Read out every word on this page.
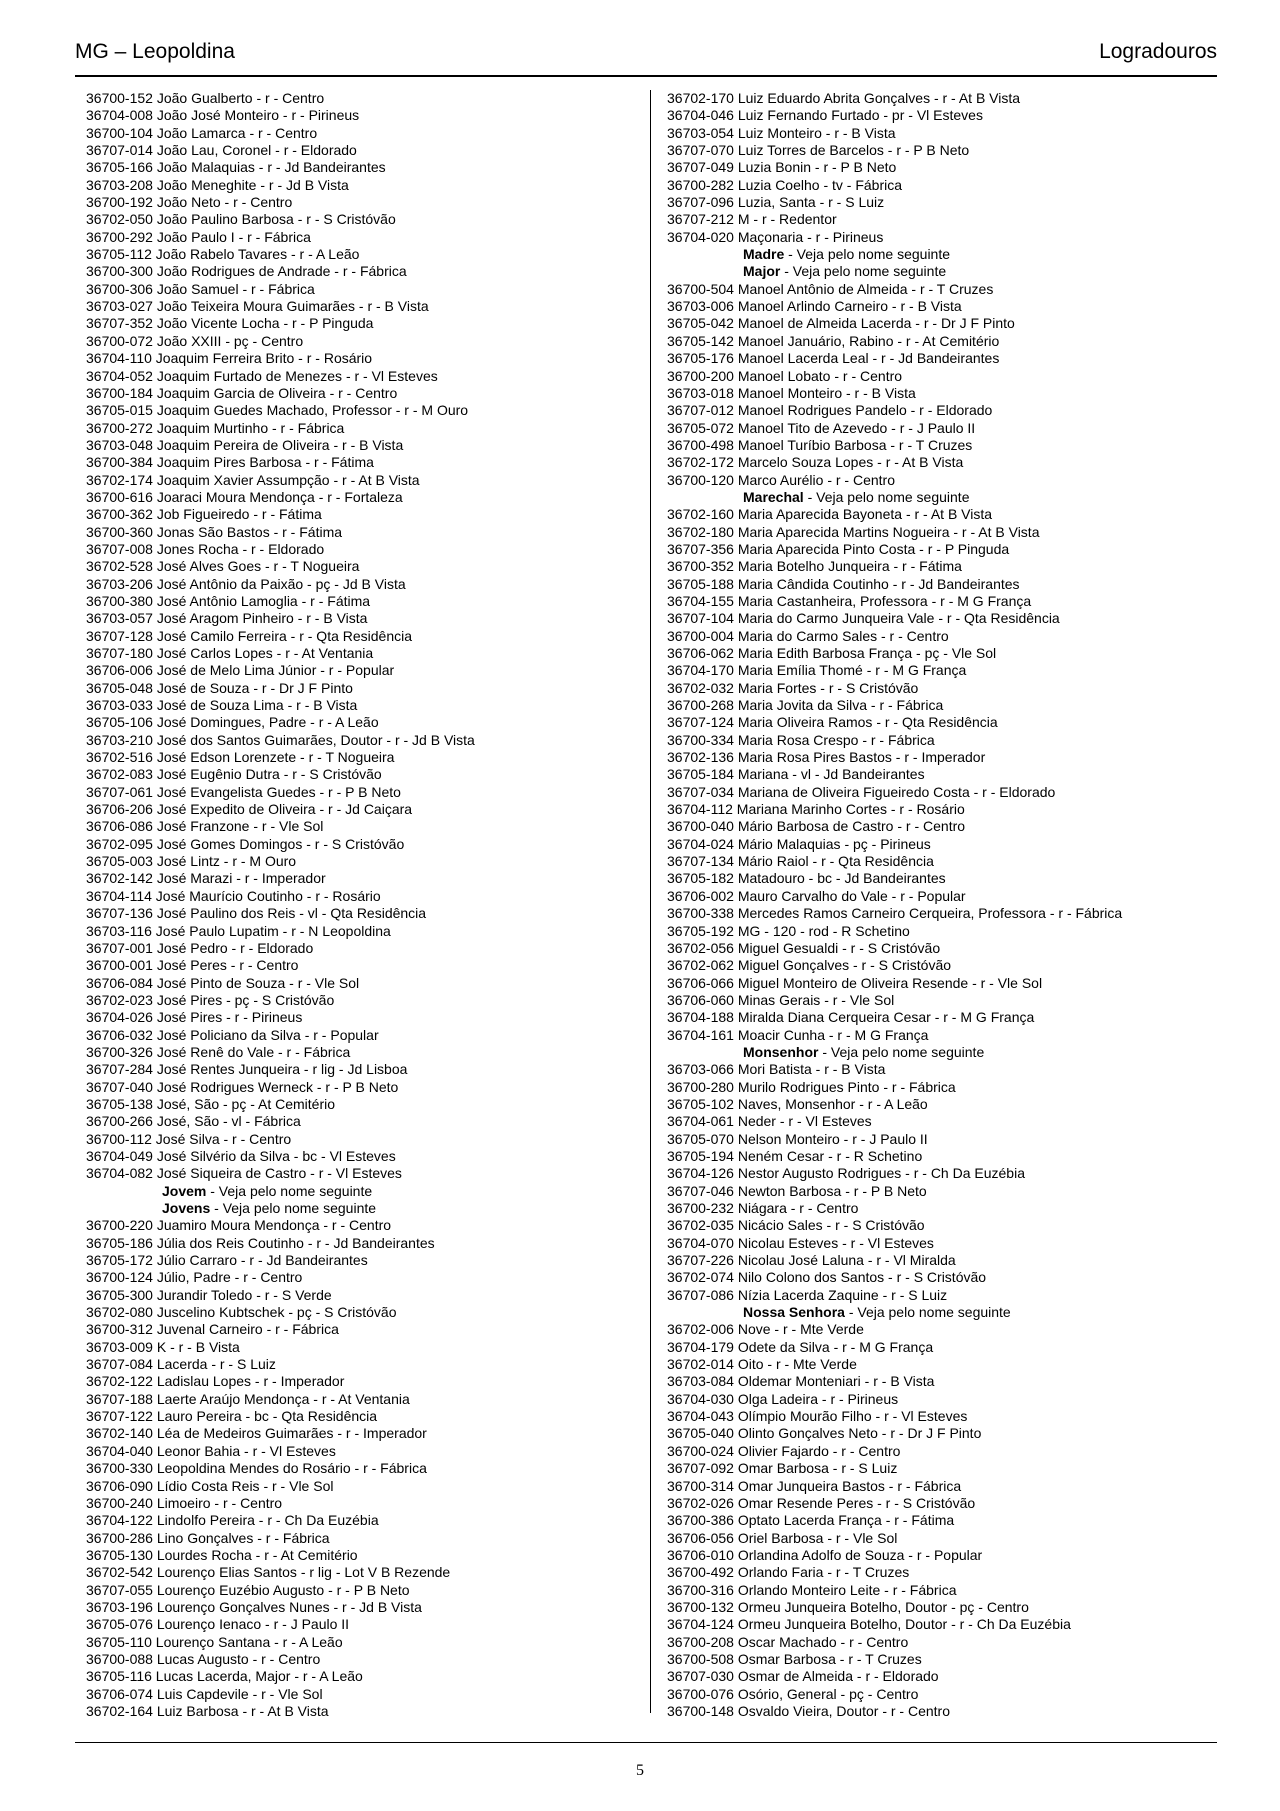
MG – Leopoldina	Logradouros
36700-152 João Gualberto - r - Centro
36704-008 João José Monteiro - r - Pirineus
36700-104 João Lamarca - r - Centro
36707-014 João Lau, Coronel - r - Eldorado
36705-166 João Malaquias - r - Jd Bandeirantes
36703-208 João Meneghite - r - Jd B Vista
36700-192 João Neto - r - Centro
36702-050 João Paulino Barbosa - r - S Cristóvão
36700-292 João Paulo I - r - Fábrica
36705-112 João Rabelo Tavares - r - A Leão
36700-300 João Rodrigues de Andrade - r - Fábrica
36700-306 João Samuel - r - Fábrica
36703-027 João Teixeira Moura Guimarães - r - B Vista
36707-352 João Vicente Locha - r - P Pinguda
36700-072 João XXIII - pç - Centro
36704-110 Joaquim Ferreira Brito - r - Rosário
36704-052 Joaquim Furtado de Menezes - r - Vl Esteves
36700-184 Joaquim Garcia de Oliveira - r - Centro
36705-015 Joaquim Guedes Machado, Professor - r - M Ouro
36700-272 Joaquim Murtinho - r - Fábrica
36703-048 Joaquim Pereira de Oliveira - r - B Vista
36700-384 Joaquim Pires Barbosa - r - Fátima
36702-174 Joaquim Xavier Assumpção - r - At B Vista
36700-616 Joaraci Moura Mendonça - r - Fortaleza
36700-362 Job Figueiredo - r - Fátima
36700-360 Jonas São Bastos - r - Fátima
36707-008 Jones Rocha - r - Eldorado
36702-528 José Alves Goes - r - T Nogueira
36703-206 José Antônio da Paixão - pç - Jd B Vista
36700-380 José Antônio Lamoglia - r - Fátima
36703-057 José Aragom Pinheiro - r - B Vista
36707-128 José Camilo Ferreira - r - Qta Residência
36707-180 José Carlos Lopes - r - At Ventania
36706-006 José de Melo Lima Júnior - r - Popular
36705-048 José de Souza - r - Dr J F Pinto
36703-033 José de Souza Lima - r - B Vista
36705-106 José Domingues, Padre - r - A Leão
36703-210 José dos Santos Guimarães, Doutor - r - Jd B Vista
36702-516 José Edson Lorenzete - r - T Nogueira
36702-083 José Eugênio Dutra - r - S Cristóvão
36707-061 José Evangelista Guedes - r - P B Neto
36706-206 José Expedito de Oliveira - r - Jd Caiçara
36706-086 José Franzone - r - Vle Sol
36702-095 José Gomes Domingos - r - S Cristóvão
36705-003 José Lintz - r - M Ouro
36702-142 José Marazi - r - Imperador
36704-114 José Maurício Coutinho - r - Rosário
36707-136 José Paulino dos Reis - vl - Qta Residência
36703-116 José Paulo Lupatim - r - N Leopoldina
36707-001 José Pedro - r - Eldorado
36700-001 José Peres - r - Centro
36706-084 José Pinto de Souza - r - Vle Sol
36702-023 José Pires - pç - S Cristóvão
36704-026 José Pires - r - Pirineus
36706-032 José Policiano da Silva - r - Popular
36700-326 José Renê do Vale - r - Fábrica
36707-284 José Rentes Junqueira - r lig - Jd Lisboa
36707-040 José Rodrigues Werneck - r - P B Neto
36705-138 José, São - pç - At Cemitério
36700-266 José, São - vl - Fábrica
36700-112 José Silva - r - Centro
36704-049 José Silvério da Silva - bc - Vl Esteves
36704-082 José Siqueira de Castro - r - Vl Esteves
Jovem - Veja pelo nome seguinte
Jovens - Veja pelo nome seguinte
36700-220 Juamiro Moura Mendonça - r - Centro
36705-186 Júlia dos Reis Coutinho - r - Jd Bandeirantes
36705-172 Júlio Carraro - r - Jd Bandeirantes
36700-124 Júlio, Padre - r - Centro
36705-300 Jurandir Toledo - r - S Verde
36702-080 Juscelino Kubtschek - pç - S Cristóvão
36700-312 Juvenal Carneiro - r - Fábrica
36703-009 K - r - B Vista
36707-084 Lacerda - r - S Luiz
36702-122 Ladislau Lopes - r - Imperador
36707-188 Laerte Araújo Mendonça - r - At Ventania
36707-122 Lauro Pereira - bc - Qta Residência
36702-140 Léa de Medeiros Guimarães - r - Imperador
36704-040 Leonor Bahia - r - Vl Esteves
36700-330 Leopoldina Mendes do Rosário - r - Fábrica
36706-090 Lídio Costa Reis - r - Vle Sol
36700-240 Limoeiro - r - Centro
36704-122 Lindolfo Pereira - r - Ch Da Euzébia
36700-286 Lino Gonçalves - r - Fábrica
36705-130 Lourdes Rocha - r - At Cemitério
36702-542 Lourenço Elias Santos - r lig - Lot V B Rezende
36707-055 Lourenço Euzébio Augusto - r - P B Neto
36703-196 Lourenço Gonçalves Nunes - r - Jd B Vista
36705-076 Lourenço Ienaco - r - J Paulo II
36705-110 Lourenço Santana - r - A Leão
36700-088 Lucas Augusto - r - Centro
36705-116 Lucas Lacerda, Major - r - A Leão
36706-074 Luis Capdevile - r - Vle Sol
36702-164 Luiz Barbosa - r - At B Vista
36702-170 Luiz Eduardo Abrita Gonçalves - r - At B Vista
36704-046 Luiz Fernando Furtado - pr - Vl Esteves
36703-054 Luiz Monteiro - r - B Vista
36707-070 Luiz Torres de Barcelos - r - P B Neto
36707-049 Luzia Bonin - r - P B Neto
36700-282 Luzia Coelho - tv - Fábrica
36707-096 Luzia, Santa - r - S Luiz
36707-212 M - r - Redentor
36704-020 Maçonaria - r - Pirineus
Madre - Veja pelo nome seguinte
Major - Veja pelo nome seguinte
36700-504 Manoel Antônio de Almeida - r - T Cruzes
36703-006 Manoel Arlindo Carneiro - r - B Vista
36705-042 Manoel de Almeida Lacerda - r - Dr J F Pinto
36705-142 Manoel Januário, Rabino - r - At Cemitério
36705-176 Manoel Lacerda Leal - r - Jd Bandeirantes
36700-200 Manoel Lobato - r - Centro
36703-018 Manoel Monteiro - r - B Vista
36707-012 Manoel Rodrigues Pandelo - r - Eldorado
36705-072 Manoel Tito de Azevedo - r - J Paulo II
36700-498 Manoel Turíbio Barbosa - r - T Cruzes
36702-172 Marcelo Souza Lopes - r - At B Vista
36700-120 Marco Aurélio - r - Centro
Marechal - Veja pelo nome seguinte
36702-160 Maria Aparecida Bayoneta - r - At B Vista
36702-180 Maria Aparecida Martins Nogueira - r - At B Vista
36707-356 Maria Aparecida Pinto Costa - r - P Pinguda
36700-352 Maria Botelho Junqueira - r - Fátima
36705-188 Maria Cândida Coutinho - r - Jd Bandeirantes
36704-155 Maria Castanheira, Professora - r - M G França
36707-104 Maria do Carmo Junqueira Vale - r - Qta Residência
36700-004 Maria do Carmo Sales - r - Centro
36706-062 Maria Edith Barbosa França - pç - Vle Sol
36704-170 Maria Emília Thomé - r - M G França
36702-032 Maria Fortes - r - S Cristóvão
36700-268 Maria Jovita da Silva - r - Fábrica
36707-124 Maria Oliveira Ramos - r - Qta Residência
36700-334 Maria Rosa Crespo - r - Fábrica
36702-136 Maria Rosa Pires Bastos - r - Imperador
36705-184 Mariana - vl - Jd Bandeirantes
36707-034 Mariana de Oliveira Figueiredo Costa - r - Eldorado
36704-112 Mariana Marinho Cortes - r - Rosário
36700-040 Mário Barbosa de Castro - r - Centro
36704-024 Mário Malaquias - pç - Pirineus
36707-134 Mário Raiol - r - Qta Residência
36705-182 Matadouro - bc - Jd Bandeirantes
36706-002 Mauro Carvalho do Vale - r - Popular
36700-338 Mercedes Ramos Carneiro Cerqueira, Professora - r - Fábrica
36705-192 MG - 120 - rod - R Schetino
36702-056 Miguel Gesualdi - r - S Cristóvão
36702-062 Miguel Gonçalves - r - S Cristóvão
36706-066 Miguel Monteiro de Oliveira Resende - r - Vle Sol
36706-060 Minas Gerais - r - Vle Sol
36704-188 Miralda Diana Cerqueira Cesar - r - M G França
36704-161 Moacir Cunha - r - M G França
Monsenhor - Veja pelo nome seguinte
36703-066 Mori Batista - r - B Vista
36700-280 Murilo Rodrigues Pinto - r - Fábrica
36705-102 Naves, Monsenhor - r - A Leão
36704-061 Neder - r - Vl Esteves
36705-070 Nelson Monteiro - r - J Paulo II
36705-194 Neném Cesar - r - R Schetino
36704-126 Nestor Augusto Rodrigues - r - Ch Da Euzébia
36707-046 Newton Barbosa - r - P B Neto
36700-232 Niágara - r - Centro
36702-035 Nicácio Sales - r - S Cristóvão
36704-070 Nicolau Esteves - r - Vl Esteves
36707-226 Nicolau José Laluna - r - Vl Miralda
36702-074 Nilo Colono dos Santos - r - S Cristóvão
36707-086 Nízia Lacerda Zaquine - r - S Luiz
Nossa Senhora - Veja pelo nome seguinte
36702-006 Nove - r - Mte Verde
36704-179 Odete da Silva - r - M G França
36702-014 Oito - r - Mte Verde
36703-084 Oldemar Monteniari - r - B Vista
36704-030 Olga Ladeira - r - Pirineus
36704-043 Olímpio Mourão Filho - r - Vl Esteves
36705-040 Olinto Gonçalves Neto - r - Dr J F Pinto
36700-024 Olivier Fajardo - r - Centro
36707-092 Omar Barbosa - r - S Luiz
36700-314 Omar Junqueira Bastos - r - Fábrica
36702-026 Omar Resende Peres - r - S Cristóvão
36700-386 Optato Lacerda França - r - Fátima
36706-056 Oriel Barbosa - r - Vle Sol
36706-010 Orlandina Adolfo de Souza - r - Popular
36700-492 Orlando Faria - r - T Cruzes
36700-316 Orlando Monteiro Leite - r - Fábrica
36700-132 Ormeu Junqueira Botelho, Doutor - pç - Centro
36704-124 Ormeu Junqueira Botelho, Doutor - r - Ch Da Euzébia
36700-208 Oscar Machado - r - Centro
36700-508 Osmar Barbosa - r - T Cruzes
36707-030 Osmar de Almeida - r - Eldorado
36700-076 Osório, General - pç - Centro
36700-148 Osvaldo Vieira, Doutor - r - Centro
5
